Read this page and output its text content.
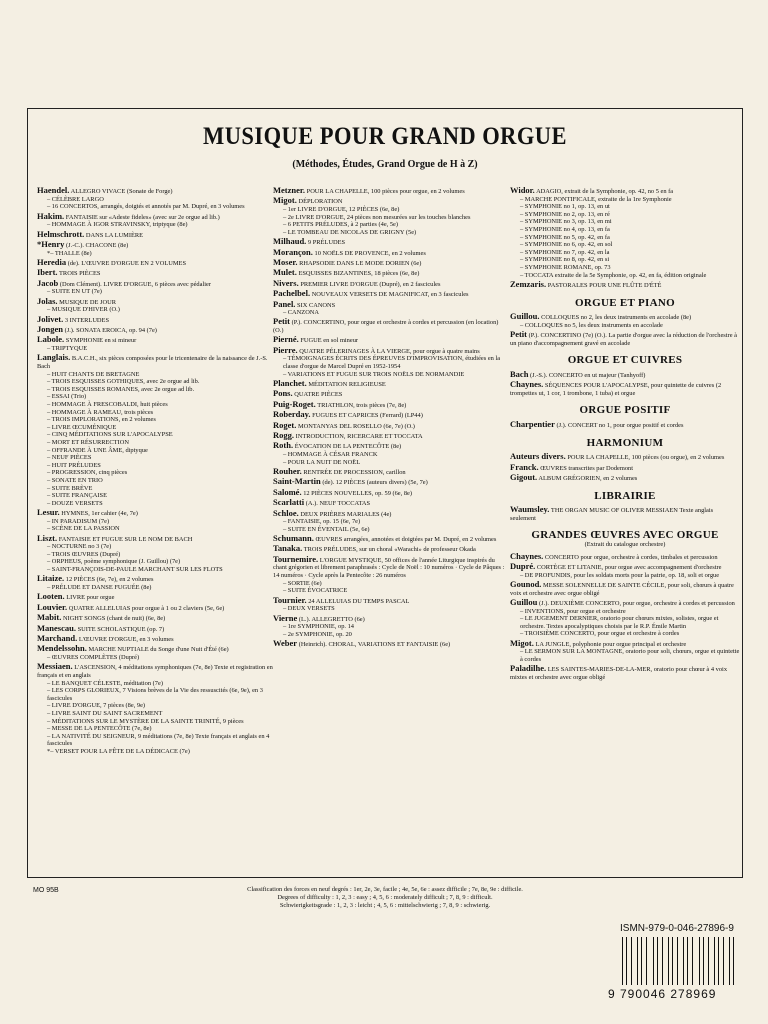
MUSIQUE POUR GRAND ORGUE
(Méthodes, Études, Grand Orgue de H à Z)
Haendel. ALLEGRO VIVACE (Sonate de Forge)
– CÉLÈBRE LARGO
– 16 CONCERTOS, arrangés, doigtés et annotés par M. Dupré, en 3 volumes
Hakim. FANTAISIE sur «Adeste fideles» (avec sur 2e orgue ad lib.)
– HOMMAGE À IGOR STRAVINSKY, triptyque (8e)
Helmschrott. DANS LA LUMIÈRE
*Henry (J.-C.). CHACONE (8e)
*– THALLE (8e)
Heredia (de). L'ŒUVRE D'ORGUE EN 2 VOLUMES
Ibert. TROIS PIÈCES
Jacob (Dom Clément). LIVRE D'ORGUE, 6 pièces avec pédalier
– SUITE EN UT (7e)
Jolas. MUSIQUE DE JOUR
– MUSIQUE D'HIVER (O.)
Jolivet. 3 INTERLUDES
Jongen (J.). SONATA EROICA, op. 94 (7e)
Labole. SYMPHONIE en si mineur
– TRIPTYQUE
Langlais. B.A.C.H., six pièces composées pour le tricentenaire de la naissance de J.-S. Bach
– HUIT CHANTS DE BRETAGNE
– TROIS ESQUISSES GOTHIQUES, avec 2e orgue ad lib.
– TROIS ESQUISSES ROMANES, avec 2e orgue ad lib.
– ESSAI (Trio)
– HOMMAGE À FRESCOBALDI, huit pièces
– HOMMAGE À RAMEAU, trois pièces
– TROIS IMPLORATIONS, en 2 volumes
– LIVRE ŒCUMÉNIQUE
– CINQ MÉDITATIONS SUR L'APOCALYPSE
– MORT ET RÉSURRECTION
– OFFRANDE À UNE ÂME, diptyque
– NEUF PIÈCES
– HUIT PRÉLUDES
– PROGRESSION, cinq pièces
– SONATE EN TRIO
– SUITE BRÈVE
– SUITE FRANÇAISE
– DOUZE VERSETS
Lesur. HYMNES, 1er cahier (4e, 7e)
– IN PARADISUM (7e)
– SCÈNE DE LA PASSION
Liszt. FANTAISIE ET FUGUE SUR LE NOM DE BACH
– NOCTURNE no 3 (7e)
– TROIS ŒUVRES (Dupré)
– ORPHEUS, poème symphonique (J. Guillou) (7e)
– SAINT-FRANÇOIS-DE-PAULE MARCHANT SUR LES FLOTS
Litaize. 12 PIÈCES (6e, 7e), en 2 volumes
– PRÉLUDE ET DANSE FUGUÉE (8e)
Looten. LIVRE pour orgue
Louvier. QUATRE ALLELUIAS pour orgue à 1 ou 2 claviers (5e, 6e)
Mabit. NIGHT SONGS (chant de nuit) (6e, 8e)
Manescau. SUITE SCHOLASTIQUE (op. 7)
Marchand. L'ŒUVRE D'ORGUE, en 3 volumes
Mendelssohn. MARCHE NUPTIALE du Songe d'une Nuit d'Été (6e)
– ŒUVRES COMPLÈTES (Dupré)
Messiaen. L'ASCENSION, 4 méditations symphoniques (7e, 8e) Texte et registration en français et en anglais
– LE BANQUET CÉLESTE, méditation (7e)
– LES CORPS GLORIEUX, 7 Visions brèves de la Vie des ressuscités (6e, 9e), en 3 fascicules
– LIVRE D'ORGUE, 7 pièces (8e, 9e)
– LIVRE SAINT DU SAINT SACREMENT
– MÉDITATIONS SUR LE MYSTÈRE DE LA SAINTE TRINITÉ, 9 pièces
– MESSE DE LA PENTECÔTE (7e, 8e)
– LA NATIVITÉ DU SEIGNEUR, 9 méditations (7e, 8e) Texte français et anglais en 4 fascicules
*– VERSET POUR LA FÊTE DE LA DÉDICACE (7e)
Metzner. POUR LA CHAPELLE, 100 pièces pour orgue, en 2 volumes
Migot. DÉPLORATION
– 1er LIVRE D'ORGUE, 12 PIÈCES (6e, 8e)
– 2e LIVRE D'ORGUE, 24 pièces non mesurées sur les touches blanches
– 6 PETITS PRÉLUDES, à 2 parties (4e, 5e)
– LE TOMBEAU DE NICOLAS DE GRIGNY (5e)
Milhaud. 9 PRÉLUDES
Morançon. 10 NOËLS DE PROVENCE, en 2 volumes
Moser. RHAPSODIE DANS LE MODE DORIEN (6e)
Mulet. ESQUISSES BIZANTINES, 18 pièces (6e, 8e)
Nivers. PREMIER LIVRE D'ORGUE (Dupré), en 2 fascicules
Pachelbel. NOUVEAUX VERSETS DE MAGNIFICAT, en 3 fascicules
Panel. SIX CANONS
– CANZONA
Petit (P.). CONCERTINO, pour orgue et orchestre à cordes et percussion (en location) (O.)
Pierné. FUGUE en sol mineur
Pierre. QUATRE PÉLERINAGES À LA VIERGE, pour orgue à quatre mains
– TÉMOIGNAGES ÉCRITS DES ÉPREUVES D'IMPROVISATION, étudiées en la classe d'orgue de Marcel Dupré en 1952-1954
– VARIATIONS ET FUGUE SUR TROIS NOËLS DE NORMANDIE
Planchet. MÉDITATION RELIGIEUSE
Pons. QUATRE PIÈCES
Puig-Roget. TRIATHLON, trois pièces (7e, 8e)
Roberday. FUGUES ET CAPRICES (Ferrard) (LP44)
Roget. MONTANYAS DEL ROSELLO (6e, 7e) (O.)
Rogg. INTRODUCTION, RICERCARE ET TOCCATA
Roth. ÉVOCATION DE LA PENTECÔTE (8e)
– HOMMAGE À CÉSAR FRANCK
– POUR LA NUIT DE NOËL
Rouher. RENTRÉE DE PROCESSION, carillon
Saint-Martin (de). 12 PIÈCES (auteurs divers) (5e, 7e)
Salomé. 12 PIÈCES NOUVELLES, op. 59 (6e, 8e)
Scarlatti (A.). NEUF TOCCATAS
Schloe. DEUX PRIÈRES MARIALES (4e)
– FANTAISIE, op. 15 (6e, 7e)
– SUITE EN ÉVENTAIL (5e, 6e)
Schumann. ŒUVRES arrangées, annotées et doigtées par M. Dupré, en 2 volumes
Tanaka. TROIS PRÉLUDES, sur un choral «Warachi» de professeur Okada
Tournemire. L'ORGUE MYSTIQUE, 50 offices de l'année Liturgique inspirés du chant grégorien et librement paraphrasés : Cycle de Noël : 10 numéros · Cycle de Pâques : 14 numéros · Cycle après la Pentecôte : 26 numéros
– SORTIE (6e)
– SUITE ÉVOCATRICE
Tournier. 24 ALLELUIAS DU TEMPS PASCAL
– DEUX VERSETS
Vierne (L.). ALLEGRETTO (6e)
– 1re SYMPHONIE, op. 14
– 2e SYMPHONIE, op. 20
Weber (Heinrich). CHORAL, VARIATIONS ET FANTAISIE (6e)
Widor. ADAGIO, extrait de la Symphonie, op. 42, no 5 en fa
– MARCHE PONTIFICALE, extraite de la 1re Symphonie
– SYMPHONIE no 1, op. 13, en ut
– SYMPHONIE no 2, op. 13, en ré
– SYMPHONIE no 3, op. 13, en mi
– SYMPHONIE no 4, op. 13, en fa
– SYMPHONIE no 5, op. 42, en fa
– SYMPHONIE no 6, op. 42, en sol
– SYMPHONIE no 7, op. 42, en la
– SYMPHONIE no 8, op. 42, en si
– SYMPHONIE ROMANE, op. 73
– TOCCATA extraite de la 5e Symphonie, op. 42, en fa, édition originale
Zemzaris. PASTORALES POUR UNE FLÛTE D'ÉTÉ
ORGUE ET PIANO
Guillou. COLLOQUES no 2, les deux instruments en accolade (8e)
– COLLOQUES no 5, les deux instruments en accolade
Petit (P.). CONCERTINO (7e) (O.). La partie d'orgue avec la réduction de l'orchestre à un piano d'accompagnement gravé en accolade
ORGUE ET CUIVRES
Bach (J.-S.). CONCERTO en ut majeur (Tanhyoff)
Chaynes. SÉQUENCES POUR L'APOCALYPSE, pour quintette de cuivres (2 trompettes ut, 1 cor, 1 trombone, 1 tuba) et orgue
ORGUE POSITIF
Charpentier (J.). CONCERT no 1, pour orgue positif et cordes
HARMONIUM
Auteurs divers. POUR LA CHAPELLE, 100 pièces (ou orgue), en 2 volumes
Franck. ŒUVRES transcrites par Dodemont
Gigout. ALBUM GRÉGORIEN, en 2 volumes
LIBRAIRIE
Waumsley. THE ORGAN MUSIC OF OLIVER MESSIAEN Texte anglais seulement
GRANDES ŒUVRES AVEC ORGUE
(Extrait du catalogue orchestre)
Chaynes. CONCERTO pour orgue, orchestre à cordes, timbales et percussion
Dupré. CORTÈGE ET LITANIE, pour orgue avec accompagnement d'orchestre
– DE PROFUNDIS, pour les soldats morts pour la patrie, op. 18, soli et orgue
Gounod. MESSE SOLENNELLE DE SAINTE CÉCILE, pour soli, chœurs à quatre voix et orchestre avec orgue obligé
Guillou (J.). DEUXIÈME CONCERTO, pour orgue, orchestre à cordes et percussion
– INVENTIONS, pour orgue et orchestre
– LE JUGEMENT DERNIER, oratorio pour chœurs mixtes, solistes, orgue et orchestre. Textes apocalyptiques choisis par le R.P. Émile Martin
– TROISIÈME CONCERTO, pour orgue et orchestre à cordes
Migot. LA JUNGLE, polyphonie pour orgue principal et orchestre
– LE SERMON SUR LA MONTAGNE, oratorio pour soli, chœurs, orgue et quintette à cordes
Paladilhe. LES SAINTES-MARIES-DE-LA-MER, oratorio pour chœur à 4 voix mixtes et orchestre avec orgue obligé
MO 95B	Classification des forces en neuf degrés : 1er, 2e, 3e, facile ; 4e, 5e, 6e : assez difficile ; 7e, 8e, 9e : difficile.
Degrees of difficulty : 1, 2, 3 : easy ; 4, 5, 6 : moderately difficult ; 7, 8, 9 : difficult.
Schwierigkeitsgrade : 1, 2, 3 : leicht ; 4, 5, 6 : mittelschwierig ; 7, 8, 9 : schwierig.
ISMN-979-0-046-27896-9
9 790046 278969
